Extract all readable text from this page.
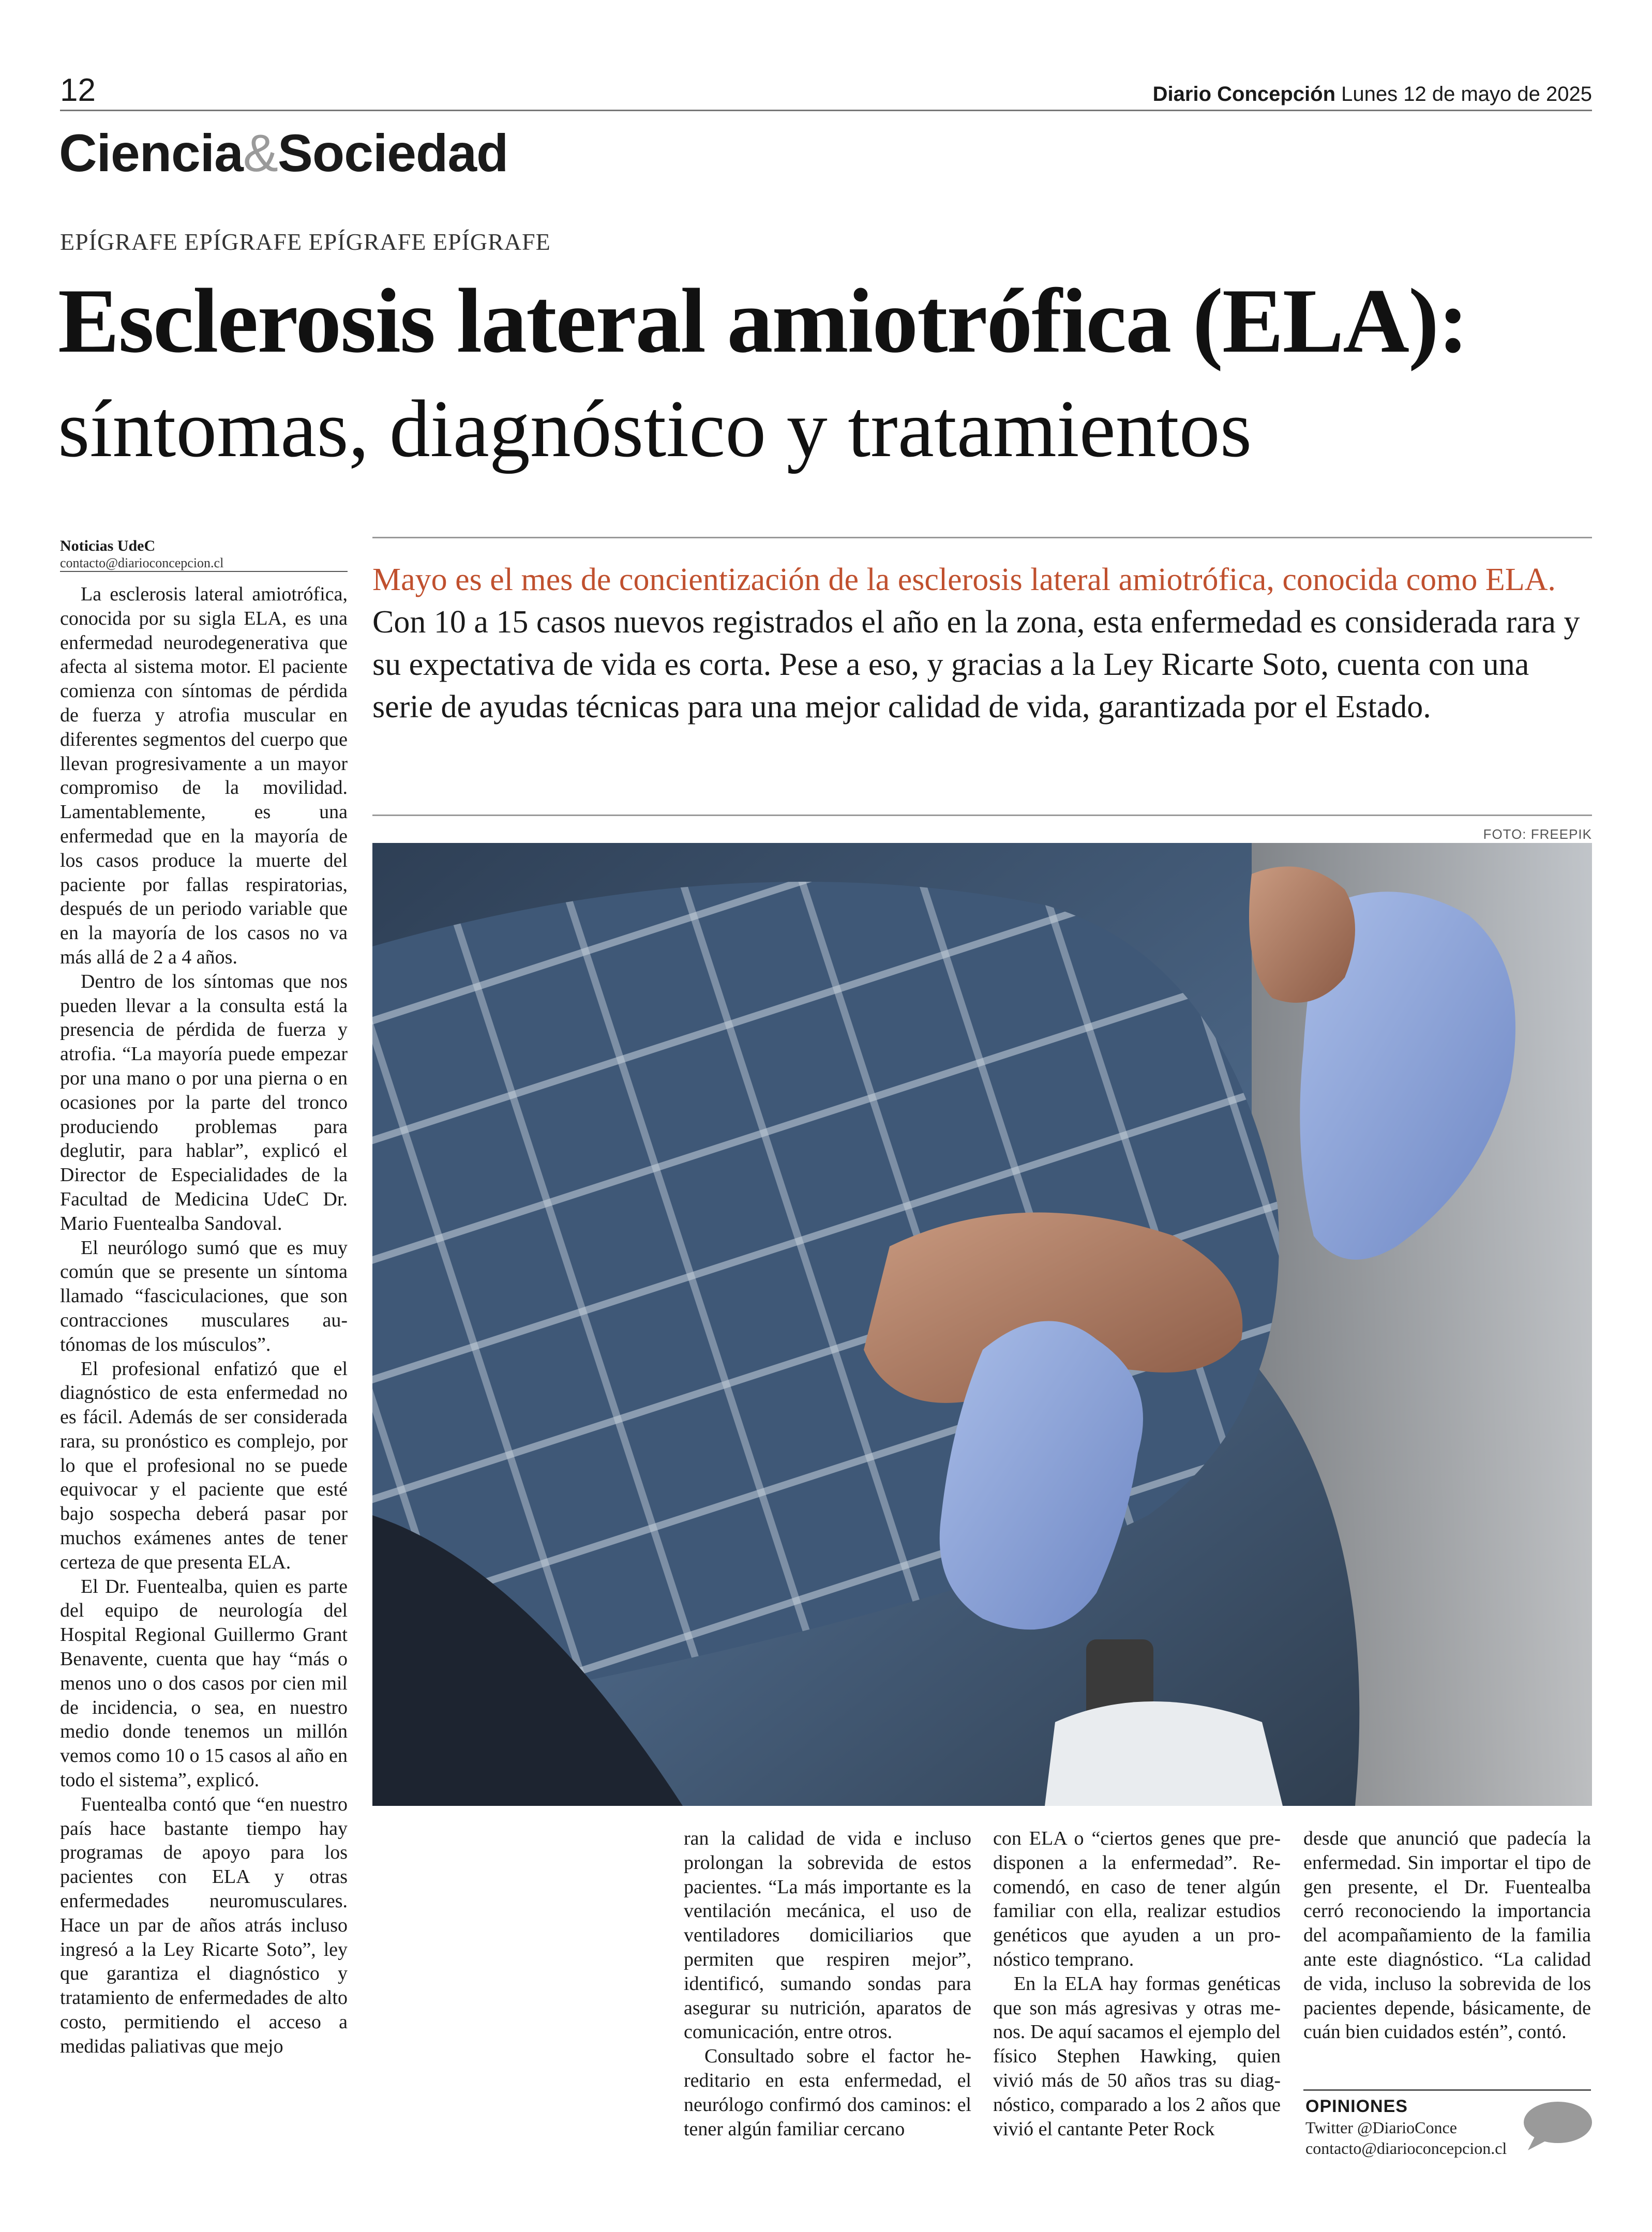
12	Diario Concepción Lunes 12 de mayo de 2025
Ciencia&Sociedad
EPÍGRAFE EPÍGRAFE EPÍGRAFE EPÍGRAFE
Esclerosis lateral amiotrófica (ELA):
síntomas, diagnóstico y tratamientos
Noticias UdeC
contacto@diarioconcepcion.cl	Mayo es el mes de concientización de la esclerosis lateral amiotrófica, conocida como ELA. Con 10 a 15 casos nuevos registrados el año en la zona, esta enfermedad es considerada rara y su expectativa de vida es corta. Pese a eso, y gracias a la Ley Ricarte Soto, cuenta con una serie de ayudas técnicas para una mejor calidad de vida, garantizada por el Estado.
FOTO: FREEPIK

La esclerosis lateral amiotrófica, conocida por su sigla ELA, es una enfermedad neurodegenerativa que afecta al sistema motor. El paciente comienza con síntomas de pérdida de fuerza y atrofia muscular en diferentes segmentos del cuerpo que llevan progresivamente a un mayor compromiso de la movilidad. Lamentablemente, es una enfermedad que en la mayoría de los casos produce la muerte del paciente por fallas respiratorias, después de un periodo variable que en la mayoría de los casos no va más allá de 2 a 4 años.

Dentro de los síntomas que nos pueden llevar a la consulta está la presencia de pérdida de fuerza y atrofia. “La mayoría puede empezar por una mano o por una pierna o en ocasiones por la parte del tronco produciendo problemas para deglutir, para hablar”, explicó el Director de Especialidades de la Facultad de Medicina UdeC Dr. Mario Fuentealba Sandoval.

El neurólogo sumó que es muy común que se presente un síntoma llamado “fasciculaciones, que son contracciones musculares autónomas de los músculos”.

El profesional enfatizó que el diagnóstico de esta enfermedad no es fácil. Además de ser considerada rara, su pronóstico es complejo, por lo que el profesional no se puede equivocar y el paciente que esté bajo sospecha deberá pasar por muchos exámenes antes de tener certeza de que presenta ELA.

El Dr. Fuentealba, quien es parte del equipo de neurología del Hospital Regional Guillermo Grant Benavente, cuenta que hay “más o menos uno o dos casos por cien mil de incidencia, o sea, en nuestro medio donde tenemos un millón vemos como 10 o 15 casos al año en todo el sistema”, explicó.

Fuentealba contó que “en nuestro país hace bastante tiempo hay programas de apoyo para los pacientes con ELA y otras enfermedades neuromusculares. Hace un par de años atrás incluso ingresó a la Ley Ricarte Soto”, ley que garantiza el diagnóstico y tratamiento de enfermedades de alto costo, permitiendo el acceso a medidas paliativas que mejo

ran la calidad de vida e incluso prolongan la sobrevida de estos pacientes. “La más importante es la ventilación mecánica, el uso de ventiladores domiciliarios que permiten que respiren mejor”, identificó, sumando sondas para asegurar su nutrición, aparatos de comunicación, entre otros.

Consultado sobre el factor hereditario en esta enfermedad, el neurólogo confirmó dos caminos: el tener algún familiar cercano

con ELA o “ciertos genes que predisponen a la enfermedad”. Recomendó, en caso de tener algún familiar con ella, realizar estudios genéticos que ayuden a un pronóstico temprano.

En la ELA hay formas genéticas que son más agresivas y otras menos. De aquí sacamos el ejemplo del físico Stephen Hawking, quien vivió más de 50 años tras su diagnóstico, comparado a los 2 años que vivió el cantante Peter Rock

desde que anunció que padecía la enfermedad. Sin importar el tipo de gen presente, el Dr. Fuentealba cerró reconociendo la importancia del acompañamiento de la familia ante este diagnóstico. “La calidad de vida, incluso la sobrevida de los pacientes depende, básicamente, de cuán bien cuidados estén”, contó.

OPINIONES
Twitter @DiarioConce
contacto@diarioconcepcion.cl
